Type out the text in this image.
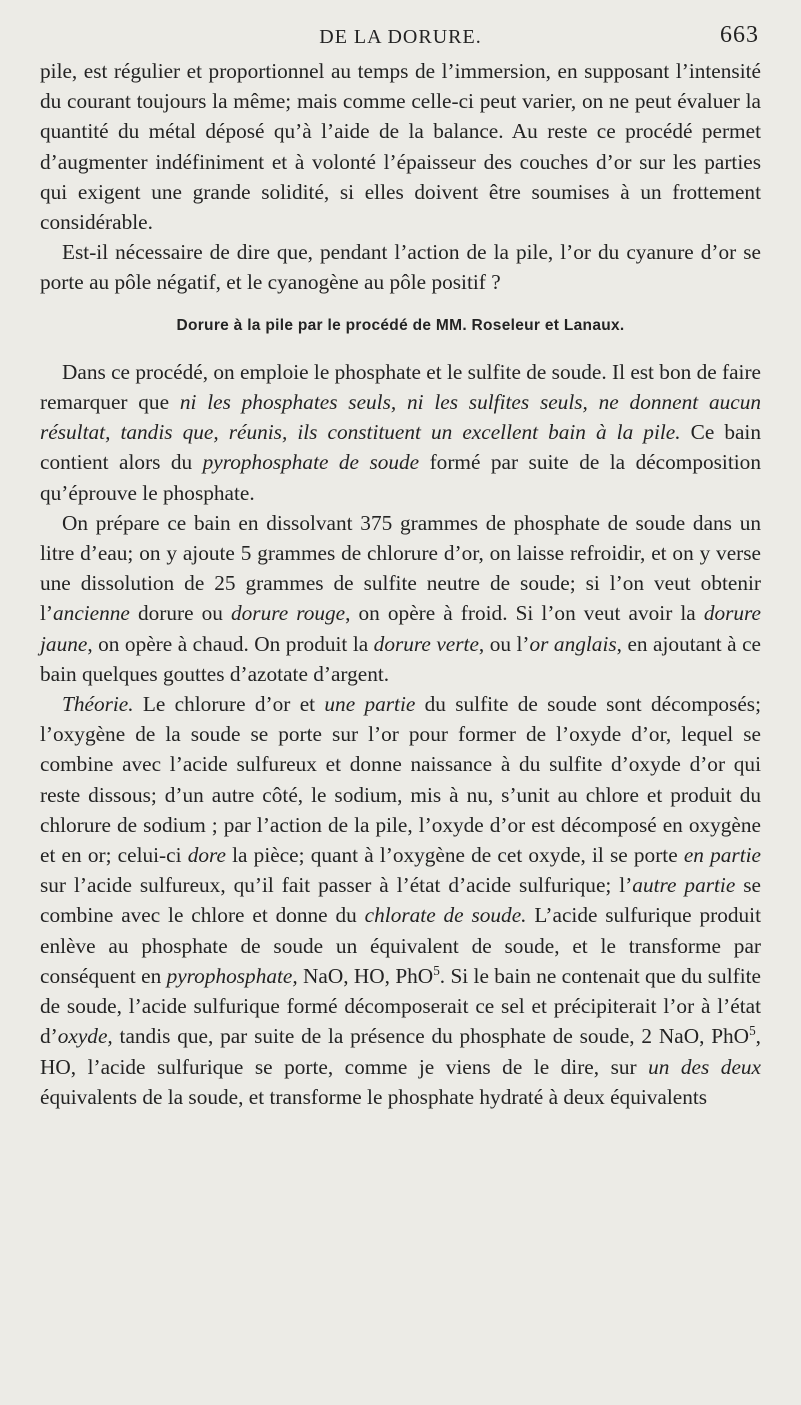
DE LA DORURE.	663

pile, est régulier et proportionnel au temps de l’immersion, en supposant l’intensité du courant toujours la même; mais comme celle-ci peut varier, on ne peut évaluer la quantité du métal déposé qu’à l’aide de la balance. Au reste ce procédé permet d’augmenter indéfiniment et à volonté l’épaisseur des couches d’or sur les parties qui exigent une grande solidité, si elles doivent être soumises à un frottement considérable.

Est-il nécessaire de dire que, pendant l’action de la pile, l’or du cyanure d’or se porte au pôle négatif, et le cyanogène au pôle positif ?

Dorure à la pile par le procédé de MM. Roseleur et Lanaux.

Dans ce procédé, on emploie le phosphate et le sulfite de soude. Il est bon de faire remarquer que ni les phosphates seuls, ni les sulfites seuls, ne donnent aucun résultat, tandis que, réunis, ils constituent un excellent bain à la pile. Ce bain contient alors du pyrophosphate de soude formé par suite de la décomposition qu’éprouve le phosphate.

On prépare ce bain en dissolvant 375 grammes de phosphate de soude dans un litre d’eau; on y ajoute 5 grammes de chlorure d’or, on laisse refroidir, et on y verse une dissolution de 25 grammes de sulfite neutre de soude; si l’on veut obtenir l’ancienne dorure ou dorure rouge, on opère à froid. Si l’on veut avoir la dorure jaune, on opère à chaud. On produit la dorure verte, ou l’or anglais, en ajoutant à ce bain quelques gouttes d’azotate d’argent.

Théorie. Le chlorure d’or et une partie du sulfite de soude sont décomposés; l’oxygène de la soude se porte sur l’or pour former de l’oxyde d’or, lequel se combine avec l’acide sulfureux et donne naissance à du sulfite d’oxyde d’or qui reste dissous; d’un autre côté, le sodium, mis à nu, s’unit au chlore et produit du chlorure de sodium ; par l’action de la pile, l’oxyde d’or est décomposé en oxygène et en or; celui-ci dore la pièce; quant à l’oxygène de cet oxyde, il se porte en partie sur l’acide sulfureux, qu’il fait passer à l’état d’acide sulfurique; l’autre partie se combine avec le chlore et donne du chlorate de soude. L’acide sulfurique produit enlève au phosphate de soude un équivalent de soude, et le transforme par conséquent en pyrophosphate, NaO, HO, PhO$^5$. Si le bain ne contenait que du sulfite de soude, l’acide sulfurique formé décomposerait ce sel et précipiterait l’or à l’état d’oxyde, tandis que, par suite de la présence du phosphate de soude, 2 NaO, PhO$^5$, HO, l’acide sulfurique se porte, comme je viens de le dire, sur un des deux équivalents de la soude, et transforme le phosphate hydraté à deux équivalents
